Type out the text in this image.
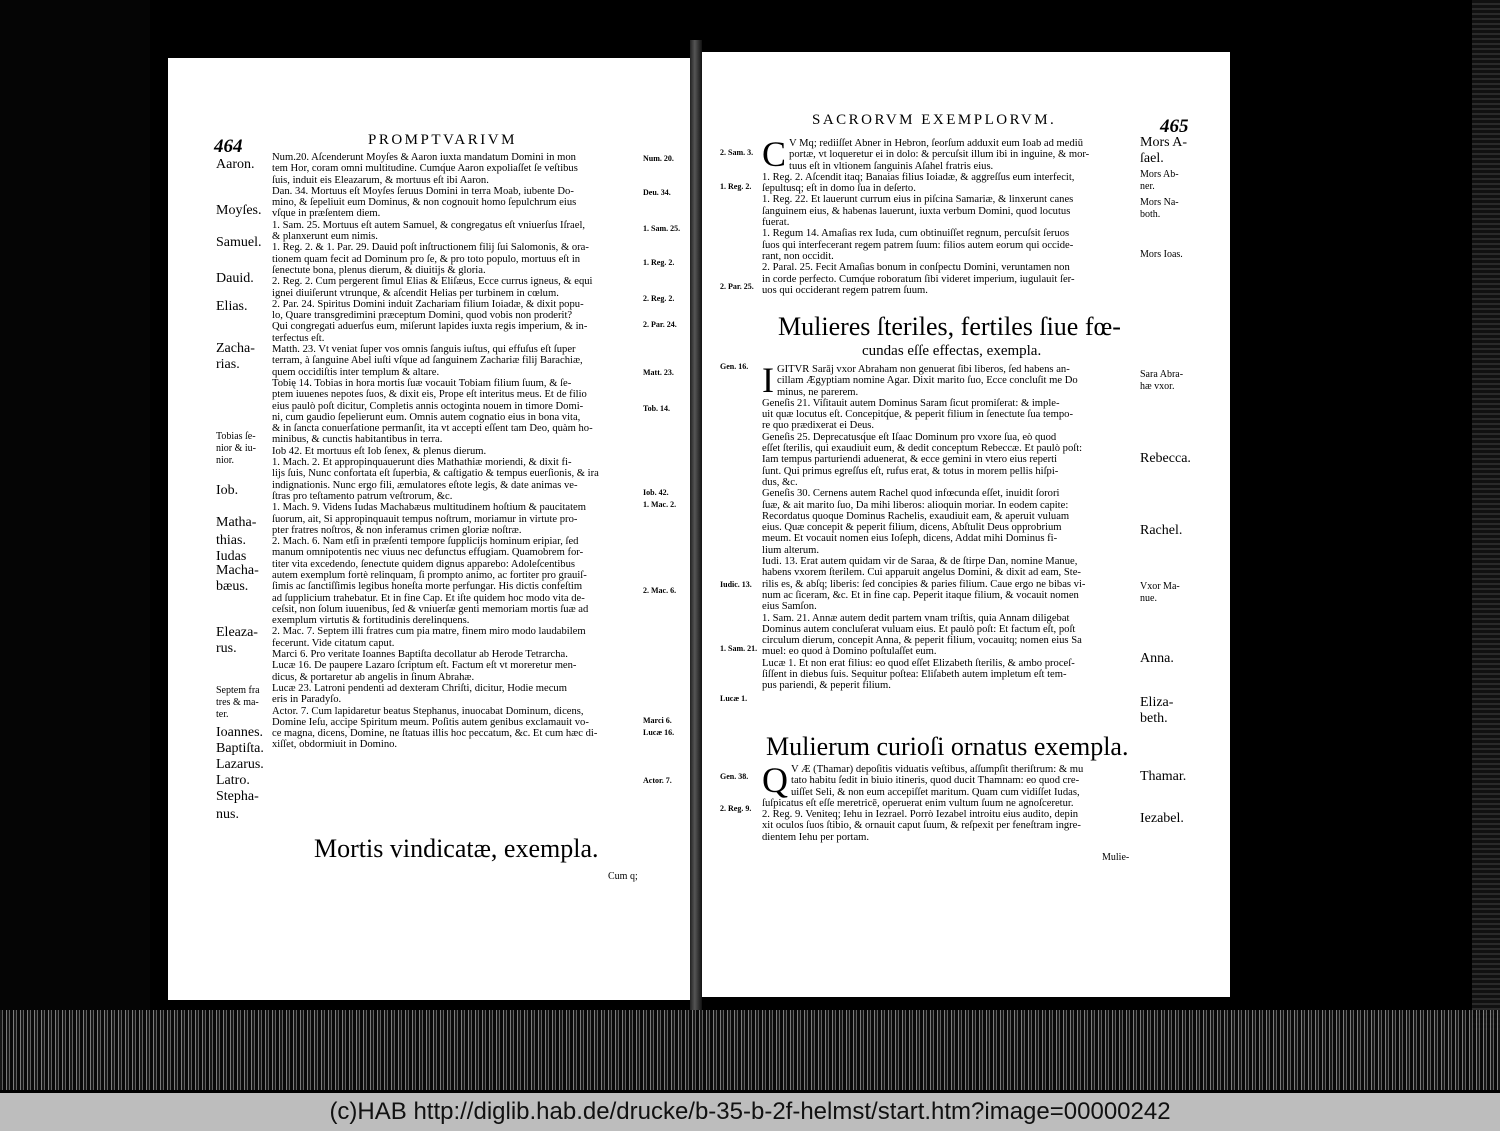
464	PROMPTVARIVM

Num.20. Aſcenderunt Moyſes & Aaron iuxta mandatum Domini in mon

tem Hor, coram omni multitudine. Cumq́ue Aaron expoliaſſet ſe veſtibus

ſuis, induit eis Eleazarum, & mortuus eſt ibi Aaron.

Dan. 34. Mortuus eſt Moyſes ſeruus Domini in terra Moab, iubente Do-

mino, & ſepeliuit eum Dominus, & non cognouit homo ſepulchrum eius

vſque in præſentem diem.

1. Sam. 25. Mortuus eſt autem Samuel, & congregatus eſt vniuerſus Iſrael,

& planxerunt eum nimis.

1. Reg. 2. & 1. Par. 29. Dauid poſt inſtructionem filij ſui Salomonis, & ora-

tionem quam fecit ad Dominum pro ſe, & pro toto populo, mortuus eſt in

ſenectute bona, plenus dierum, & diuitijs & gloria.

2. Reg. 2. Cum pergerent ſimul Elias & Eliſæus, Ecce currus igneus, & equi

ignei diuiſerunt vtrunque, & aſcendit Helias per turbinem in cœlum.

2. Par. 24. Spiritus Domini induit Zachariam filium Ioiadæ, & dixit popu-

lo, Quare transgredimini præceptum Domini, quod vobis non proderit?

Qui congregati aduerſus eum, miſerunt lapides iuxta regis imperium, & in-

terfectus eſt.

Matth. 23. Vt veniat ſuper vos omnis ſanguis iuſtus, qui effuſus eſt ſuper

terram, à ſanguine Abel iuſti vſque ad ſanguinem Zachariæ filij Barachiæ,

quem occidiſtis inter templum & altare.

Tobię 14. Tobias in hora mortis ſuæ vocauit Tobiam filium ſuum, & ſe-

ptem iuuenes nepotes ſuos, & dixit eis, Prope eſt interitus meus. Et de filio

eius paulò poſt dicitur, Completis annis octoginta nouem in timore Domi-

ni, cum gaudio ſepelierunt eum. Omnis autem cognatio eius in bona vita,

& in ſancta conuerſatione permanſit, ita vt accepti eſſent tam Deo, quàm ho-

minibus, & cunctis habitantibus in terra.

Iob 42. Et mortuus eſt Iob ſenex, & plenus dierum.

1. Mach. 2. Et appropinquauerunt dies Mathathiæ moriendi, & dixit fi-

lijs ſuis, Nunc confortata eſt ſuperbia, & caſtigatio & tempus euerſionis, & ira

indignationis. Nunc ergo fili, æmulatores eſtote legis, & date animas ve-

ſtras pro teſtamento patrum veſtrorum, &c.

1. Mach. 9. Videns Iudas Machabæus multitudinem hoſtium & paucitatem

ſuorum, ait, Si appropinquauit tempus noſtrum, moriamur in virtute pro-

pter fratres noſtros, & non inferamus crimen gloriæ noſtræ.

2. Mach. 6. Nam etſi in præſenti tempore ſupplicijs hominum eripiar, ſed

manum omnipotentis nec viuus nec defunctus effugiam. Quamobrem for-

titer vita excedendo, ſenectute quidem dignus apparebo: Adoleſcentibus

autem exemplum fortè relinquam, ſi prompto animo, ac fortiter pro grauiſ-

ſimis ac ſanctiſſimis legibus honeſta morte perfungar. His dictis confeſtim

ad ſupplicium trahebatur. Et in fine Cap. Et iſte quidem hoc modo vita de-

ceſsit, non ſolum iuuenibus, ſed & vniuerſæ genti memoriam mortis ſuæ ad

exemplum virtutis & fortitudinis derelinquens.

2. Mac. 7. Septem illi fratres cum pia matre, finem miro modo laudabilem

fecerunt. Vide citatum caput.

Marci 6. Pro veritate Ioannes Baptiſta decollatur ab Herode Tetrarcha.

Lucæ 16. De paupere Lazaro ſcriptum eſt. Factum eſt vt moreretur men-

dicus, & portaretur ab angelis in ſinum Abrahæ.

Lucæ 23. Latroni pendenti ad dexteram Chriſti, dicitur, Hodie mecum

eris in Paradyſo.

Actor. 7. Cum lapidaretur beatus Stephanus, inuocabat Dominum, dicens,

Domine Ieſu, accipe Spiritum meum. Poſitis autem genibus exclamauit vo-

ce magna, dicens, Domine, ne ſtatuas illis hoc peccatum, &c. Et cum hæc di-

xiſſet, obdormiuit in Domino.

Aaron.
Moyſes.
Samuel.
Dauid.
Elias.
Zacha-
rias.
Iob.
Matha-
thias.
Iudas
Macha-
bæus.
Eleaza-
rus.
Ioannes.
Baptiſta.
Lazarus.
Latro.
Stepha-
nus.
Tobias ſe-
nior & iu-
nior.
Septem fra
tres & ma-
ter.
Num. 20.
Deu. 34.
1. Sam. 25.
1. Reg. 2.
2. Reg. 2.
2. Par. 24.
Matt. 23.
Tob. 14.
Iob. 42.
1. Mac. 2.
2. Mac. 6.
Marci 6.
Lucæ 16.
Actor. 7.
Mortis vindicatæ, exempla.
Cum q;
SACRORVM EXEMPLORVM.	465
C V Mq; rediiſſet Abner in Hebron, ſeorſum adduxit eum Ioab ad mediū

portæ, vt loqueretur ei in dolo: & percuſsit illum ibi in inguine, & mor-

tuus eſt in vltionem ſanguinis Aſahel fratris eius.

1. Reg. 2. Aſcendit itaq; Banaias filius Ioiadæ, & aggreſſus eum interfecit,

ſepultusq; eſt in domo ſua in deſerto.

1. Reg. 22. Et lauerunt currum eius in piſcina Samariæ, & linxerunt canes

ſanguinem eius, & habenas lauerunt, iuxta verbum Domini, quod locutus

fuerat.

1. Regum 14. Amaſias rex Iuda, cum obtinuiſſet regnum, percuſsit ſeruos

ſuos qui interfecerant regem patrem ſuum: filios autem eorum qui occide-

rant, non occidit.

2. Paral. 25. Fecit Amaſias bonum in conſpectu Domini, veruntamen non

in corde perfecto. Cumq́ue roboratum ſibi videret imperium, iugulauit ſer-

uos qui occiderant regem patrem ſuum.

Mulieres ſteriles, fertiles ſiue fœ-
cundas eſſe effectas, exempla.
I GITVR Sarāj vxor Abraham non genuerat ſibi liberos, ſed habens an-

cillam Ægyptiam nomine Agar. Dixit marito ſuo, Ecce concluſit me Do

minus, ne parerem.

Geneſis 21. Viſitauit autem Dominus Saram ſicut promiſerat: & imple-

uit quæ locutus eſt. Concepitq́ue, & peperit filium in ſenectute ſua tempo-

re quo prædixerat ei Deus.

Geneſis 25. Deprecatusq́ue eſt Iſaac Dominum pro vxore ſua, eò quod

eſſet ſterilis, qui exaudiuit eum, & dedit conceptum Rebeccæ. Et paulò poſt:

Iam tempus parturiendi aduenerat, & ecce gemini in vtero eius reperti

ſunt. Qui primus egreſſus eſt, rufus erat, & totus in morem pellis hiſpi-

dus, &c.

Geneſis 30. Cernens autem Rachel quod infœcunda eſſet, inuidit ſorori

ſuæ, & ait marito ſuo, Da mihi liberos: alioquin moriar. In eodem capite:

Recordatus quoque Dominus Rachelis, exaudiuit eam, & aperuit vuluam

eius. Quæ concepit & peperit filium, dicens, Abſtulit Deus opprobrium

meum. Et vocauit nomen eius Ioſeph, dicens, Addat mihi Dominus fi-

lium alterum.

Iudi. 13. Erat autem quidam vir de Saraa, & de ſtirpe Dan, nomine Manue,

habens vxorem ſterilem. Cui apparuit angelus Domini, & dixit ad eam, Ste-

rilis es, & abſq; liberis: ſed concipies & paries filium. Caue ergo ne bibas vi-

num ac ſiceram, &c. Et in fine cap. Peperit itaque filium, & vocauit nomen

eius Samſon.

1. Sam. 21. Annæ autem dedit partem vnam triſtis, quia Annam diligebat

Dominus autem concluſerat vuluam eius. Et paulò poſt: Et factum eſt, poſt

circulum dierum, concepit Anna, & peperit filium, vocauitq; nomen eius Sa

muel: eo quod à Domino poſtulaſſet eum.

Lucæ 1. Et non erat filius: eo quod eſſet Elizabeth ſterilis, & ambo proceſ-

ſiſſent in diebus ſuis. Sequitur poſtea: Eliſabeth autem impletum eſt tem-

pus pariendi, & peperit filium.

Mulierum curioſi ornatus exempla.
Q V Æ (Thamar) depoſitis viduatis veſtibus, aſſumpſit theriſtrum: & mu

tato habitu ſedit in biuio itineris, quod ducit Thamnam: eo quod cre-

uiſſet Seli, & non eum accepiſſet maritum. Quam cum vidiſſet Iudas,

ſuſpicatus eſt eſſe meretricē, operuerat enim vultum ſuum ne agnoſceretur.

2. Reg. 9. Veniteq; Iehu in Iezrael. Porrò Iezabel introitu eius audito, depin

xit oculos ſuos ſtibio, & ornauit caput ſuum, & reſpexit per feneſtram ingre-

dientem Iehu per portam.

Mors A-
ſael.
Rebecca.
Rachel.
Anna.
Eliza-
beth.
Thamar.
Iezabel.
Mors Ab-
ner.
Mors Na-
both.
Mors Ioas.
Sara Abra-
hæ vxor.
Vxor Ma-
nue.
2. Sam. 3.
1. Reg. 2.
2. Par. 25.
Gen. 16.
Iudic. 13.
1. Sam. 21.
Lucæ 1.
Gen. 38.
2. Reg. 9.
Mulie-
(c)HAB http://diglib.hab.de/drucke/b-35-b-2f-helmst/start.htm?image=00000242
